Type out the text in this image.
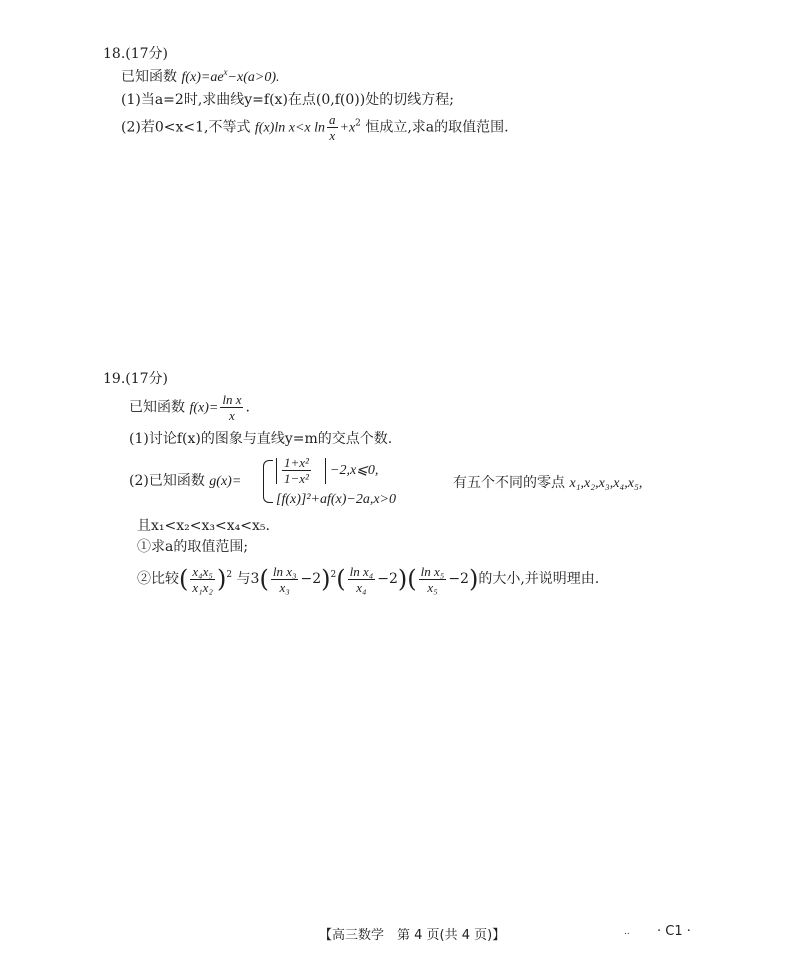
18.(17分)
已知函数 $f(x)=ae^x-x(a>0)$.
(1)当a=2时,求曲线y=f(x)在点(0,f(0))处的切线方程;
(2)若0<x<1,不等式 f(x)ln x<x $\ln \frac{a}{x} +x^2$ 恒成立,求a的取值范围.
19.(17分)
已知函数 $f(x)= \frac{\text{ln x}}{x}$ .
(1)讨论f(x)的图象与直线y=m的交点个数.
(2)已知函数 g(x)=	$\frac{\text{1+x²}}{\text{1−x²}}$ −2,x⩽0,
[f(x)]²+af(x)−2a,x>0
有五个不同的零点 x₁,x₂,x₃,x₄,x₅,
且x₁<x₂<x₃<x₄<x₅.
①求a的取值范围;
②比较( $\frac{\text{x₄x₅}}{\text{x₁x₂}} )^2$ 与$3( \frac{\text{ln x₃}}{\text{x₃}} -2)^2( \frac{\text{ln x₄}}{\text{x₄}} -2)( \frac{\text{ln x₅}}{\text{x₅}} -2)$的大小,并说明理由.
【高三数学　第 4 页(共 4 页)】	.. · C1 ·
